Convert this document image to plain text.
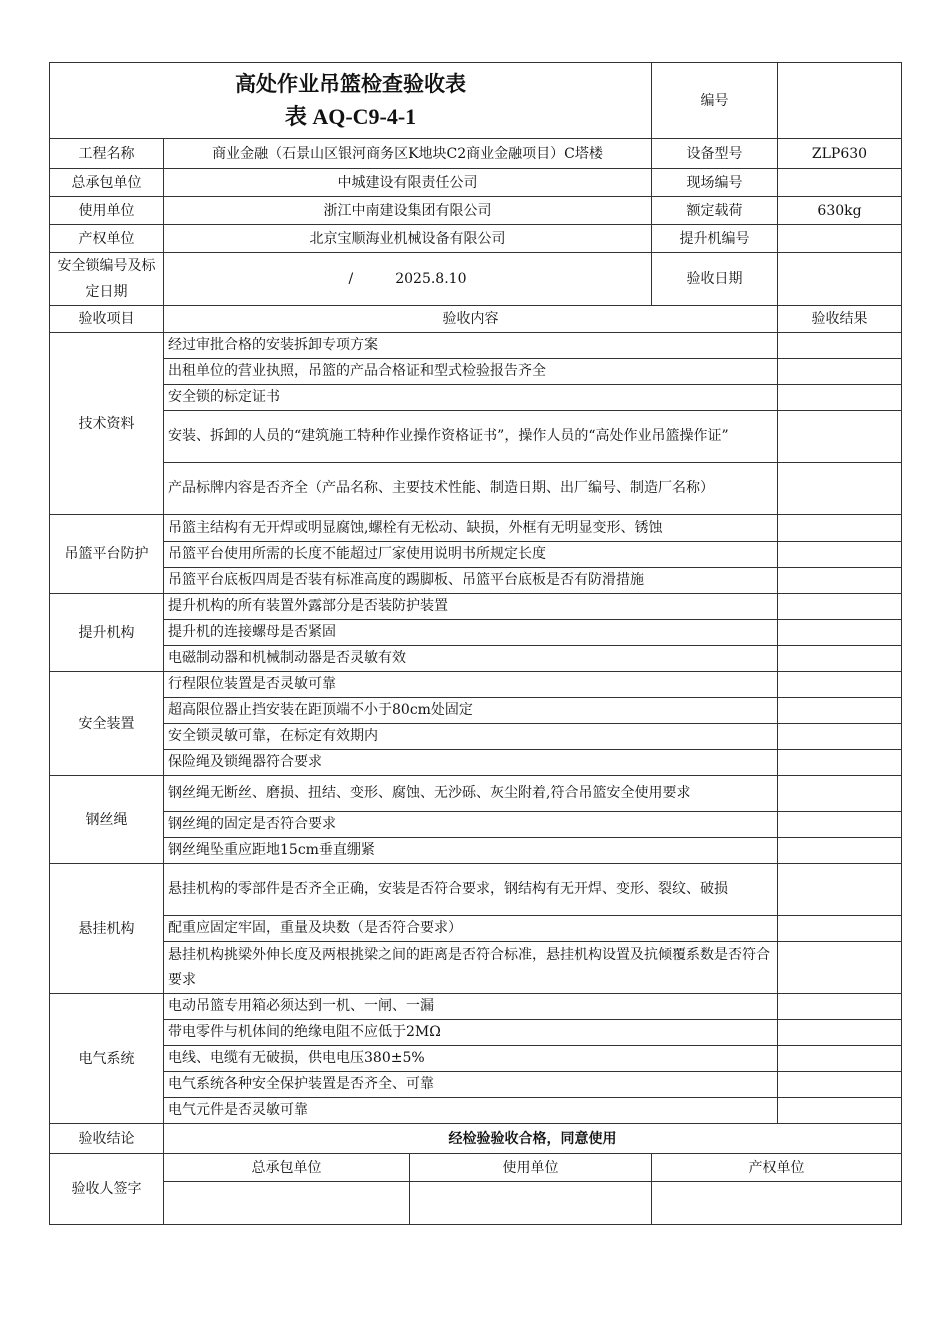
高处作业吊篮检查验收表
表 AQ-C9-4-1			编号	
工程名称	商业金融（石景山区银河商务区K地块C2商业金融项目）C塔楼		设备型号	ZLP630
总承包单位	中城建设有限责任公司		现场编号	
使用单位	浙江中南建设集团有限公司		额定载荷	630kg
产权单位	北京宝顺海业机械设备有限公司		提升机编号	
安全锁编号及标定日期	/ 2025.8.10		验收日期	
验收项目	验收内容			验收结果
技术资料	经过审批合格的安装拆卸专项方案			
	出租单位的营业执照，吊篮的产品合格证和型式检验报告齐全			
	安全锁的标定证书			
	安装、拆卸的人员的“建筑施工特种作业操作资格证书”，操作人员的“高处作业吊篮操作证”			
	产品标牌内容是否齐全（产品名称、主要技术性能、制造日期、出厂编号、制造厂名称）			
吊篮平台防护	吊篮主结构有无开焊或明显腐蚀,螺栓有无松动、缺损，外框有无明显变形、锈蚀			
	吊篮平台使用所需的长度不能超过厂家使用说明书所规定长度			
	吊篮平台底板四周是否装有标准高度的踢脚板、吊篮平台底板是否有防滑措施			
提升机构	提升机构的所有装置外露部分是否装防护装置			
	提升机的连接螺母是否紧固			
	电磁制动器和机械制动器是否灵敏有效			
安全装置	行程限位装置是否灵敏可靠			
	超高限位器止挡安装在距顶端不小于80cm处固定			
	安全锁灵敏可靠，在标定有效期内			
	保险绳及锁绳器符合要求			
钢丝绳	钢丝绳无断丝、磨损、扭结、变形、腐蚀、无沙砾、灰尘附着,符合吊篮安全使用要求			
	钢丝绳的固定是否符合要求			
	钢丝绳坠重应距地15cm垂直绷紧			
悬挂机构	悬挂机构的零部件是否齐全正确，安装是否符合要求，钢结构有无开焊、变形、裂纹、破损			
	配重应固定牢固，重量及块数（是否符合要求）			
	悬挂机构挑梁外伸长度及两根挑梁之间的距离是否符合标准，悬挂机构设置及抗倾覆系数是否符合要求			
电气系统	电动吊篮专用箱必须达到一机、一闸、一漏			
	带电零件与机体间的绝缘电阻不应低于2MΩ			
	电线、电缆有无破损，供电电压380±5%			
	电气系统各种安全保护装置是否齐全、可靠			
	电气元件是否灵敏可靠			
验收结论	经检验验收合格，同意使用			
验收人签字	总承包单位	使用单位	产权单位	
